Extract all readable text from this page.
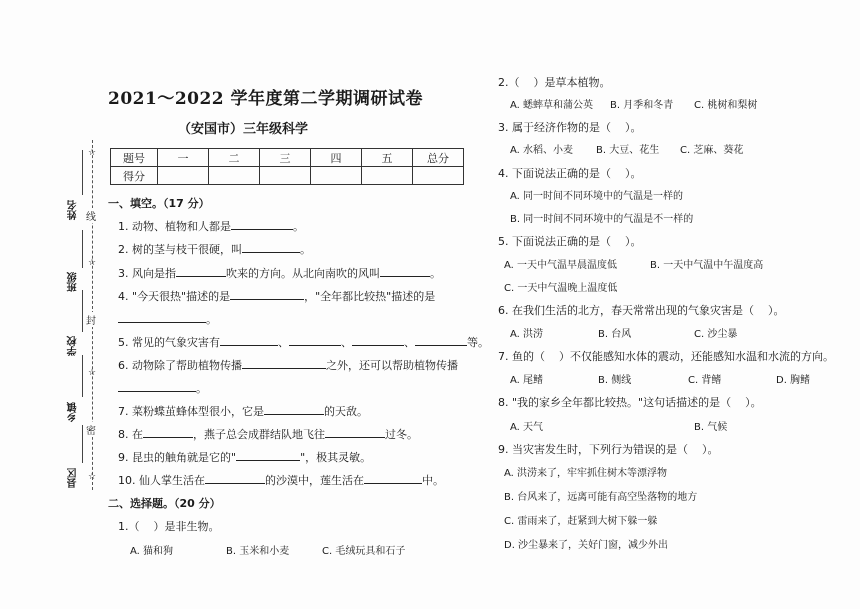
2021～2022 学年度第二学期调研试卷
（安国市）三年级科学
题号	一	二	三	四	五	总分
得分						
☆
姓名 线
☆
班级
封
学校
☆
乡镇
密
县区 ☆
一、填空。（17 分）
1. 动物、植物和人都是	。
2. 树的茎与枝干很硬，叫	。
3. 风向是指	吹来的方向。从北向南吹的风叫	。
4. "今天很热"描述的是	，"全年都比较热"描述的是
。
5. 常见的气象灾害有	、	、	、	等。
6. 动物除了帮助植物传播	之外，还可以帮助植物传播
。
7. 菜粉蝶茧蜂体型很小，它是	的天敌。
8. 在	，燕子总会成群结队地飞往	过冬。
9. 昆虫的触角就是它的"	"，极其灵敏。
10. 仙人掌生活在	的沙漠中，莲生活在	中。
二、选择题。（20 分）
1.（    ）是非生物。
A. 猫和狗	B. 玉米和小麦	C. 毛绒玩具和石子
2.（    ）是草本植物。
A. 蟋蟀草和蒲公英 B. 月季和冬青 C. 桃树和梨树
3. 属于经济作物的是（    ）。
A. 水稻、小麦 B. 大豆、花生 C. 芝麻、葵花
4. 下面说法正确的是（    ）。
A. 同一时间不同环境中的气温是一样的
B. 同一时间不同环境中的气温是不一样的
5. 下面说法正确的是（    ）。
A. 一天中气温早晨温度低	B. 一天中气温中午温度高
C. 一天中气温晚上温度低
6. 在我们生活的北方，春天常常出现的气象灾害是（    ）。
A. 洪涝	B. 台风	C. 沙尘暴
7. 鱼的（    ）不仅能感知水体的震动，还能感知水温和水流的方向。
A. 尾鳍	B. 侧线	C. 背鳍	D. 胸鳍
8. "我的家乡全年都比较热。"这句话描述的是（    ）。
A. 天气	B. 气候
9. 当灾害发生时，下列行为错误的是（    ）。
A. 洪涝来了，牢牢抓住树木等漂浮物
B. 台风来了，远离可能有高空坠落物的地方
C. 雷雨来了，赶紧到大树下躲一躲
D. 沙尘暴来了，关好门窗，减少外出
